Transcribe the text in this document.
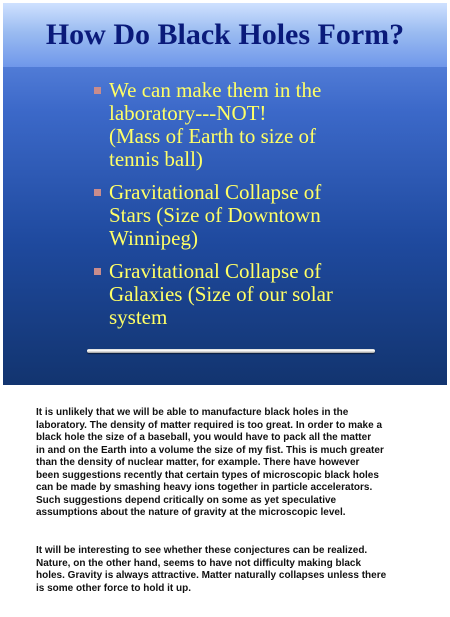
How Do Black Holes Form?
We can make them in the
laboratory---NOT!
(Mass of Earth to size of
tennis ball)
Gravitational Collapse of
Stars (Size of Downtown
Winnipeg)
Gravitational Collapse of
Galaxies (Size of our solar
system

It is unlikely that we will be able to manufacture black holes in the
laboratory. The density of matter required is too great. In order to make a
black hole the size of a baseball, you would have to pack all the matter
in and on the Earth into a volume the size of my fist. This is much greater
than the density of nuclear matter, for example. There have however
been suggestions recently that certain types of microscopic black holes
can be made by smashing heavy ions together in particle accelerators.
Such suggestions depend critically on some as yet speculative
assumptions about the nature of gravity at the microscopic level.

It will be interesting to see whether these conjectures can be realized.
Nature, on the other hand, seems to have not difficulty making black
holes. Gravity is always attractive. Matter naturally collapses unless there
is some other force to hold it up.
